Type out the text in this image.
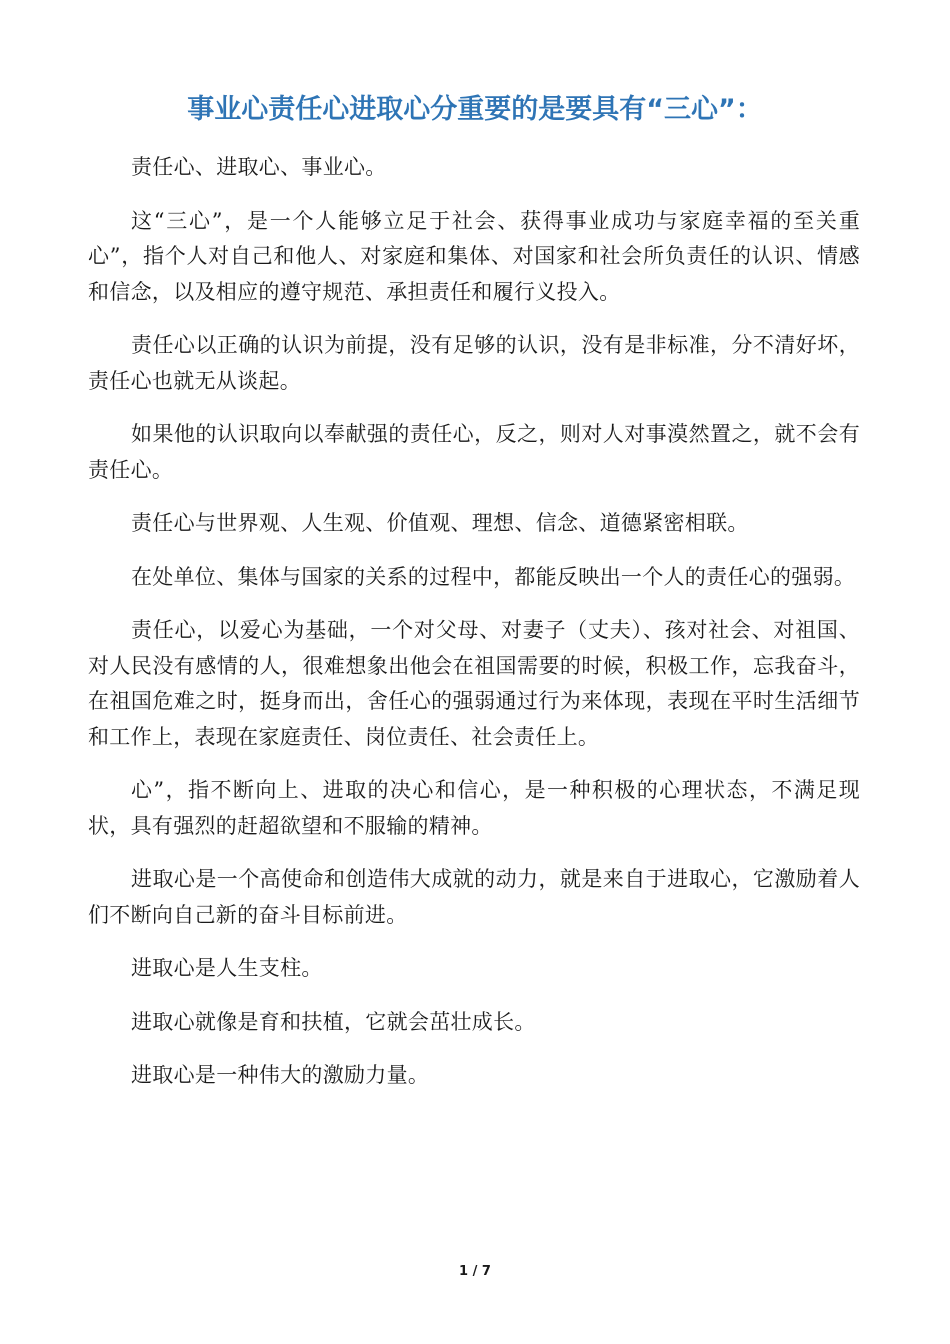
事业心责任心进取心分重要的是要具有“三心”：

责任心、进取心、事业心。

这“三心”，是一个人能够立足于社会、获得事业成功与家庭幸福的至关重心”，指个人对自己和他人、对家庭和集体、对国家和社会所负责任的认识、情感和信念，以及相应的遵守规范、承担责任和履行义投入。

责任心以正确的认识为前提，没有足够的认识，没有是非标准，分不清好坏，责任心也就无从谈起。

如果他的认识取向以奉献强的责任心，反之，则对人对事漠然置之，就不会有责任心。

责任心与世界观、人生观、价值观、理想、信念、道德紧密相联。

在处单位、集体与国家的关系的过程中，都能反映出一个人的责任心的强弱。

责任心，以爱心为基础，一个对父母、对妻子（丈夫）、孩对社会、对祖国、对人民没有感情的人，很难想象出他会在祖国需要的时候，积极工作，忘我奋斗，在祖国危难之时，挺身而出，舍任心的强弱通过行为来体现，表现在平时生活细节和工作上，表现在家庭责任、岗位责任、社会责任上。

心”，指不断向上、进取的决心和信心，是一种积极的心理状态，不满足现状，具有强烈的赶超欲望和不服输的精神。

进取心是一个高使命和创造伟大成就的动力，就是来自于进取心，它激励着人们不断向自己新的奋斗目标前进。

进取心是人生支柱。

进取心就像是育和扶植，它就会茁壮成长。

进取心是一种伟大的激励力量。

1 / 7
